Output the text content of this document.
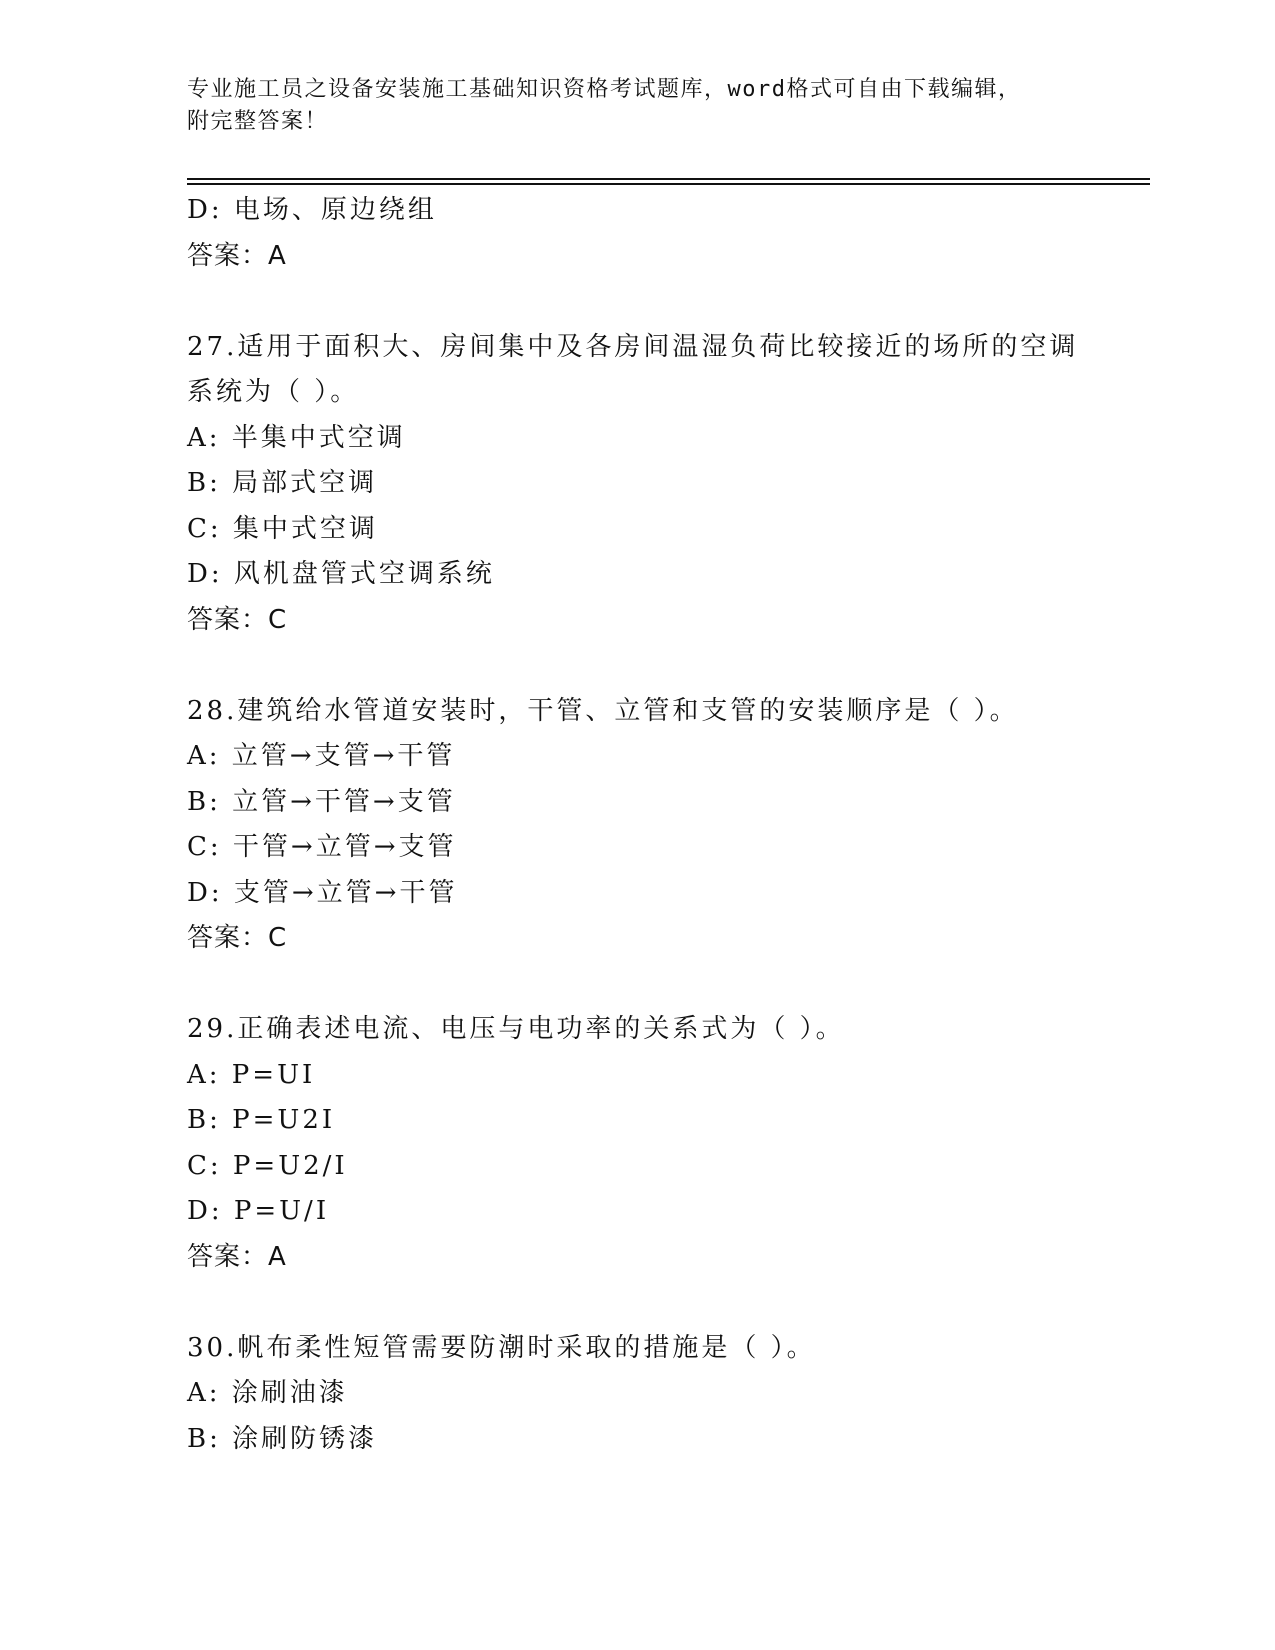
专业施工员之设备安装施工基础知识资格考试题库，word格式可自由下载编辑，
附完整答案！
D: 电场、原边绕组
答案：A
27.适用于面积大、房间集中及各房间温湿负荷比较接近的场所的空调
系统为（ ）。
A: 半集中式空调
B: 局部式空调
C: 集中式空调
D: 风机盘管式空调系统
答案：C
28.建筑给水管道安装时，干管、立管和支管的安装顺序是（ ）。
A: 立管→支管→干管
B: 立管→干管→支管
C: 干管→立管→支管
D: 支管→立管→干管
答案：C
29.正确表述电流、电压与电功率的关系式为（ ）。
A: P=UI
B: P=U2I
C: P=U2/I
D: P=U/I
答案：A
30.帆布柔性短管需要防潮时采取的措施是（ ）。
A: 涂刷油漆
B: 涂刷防锈漆
